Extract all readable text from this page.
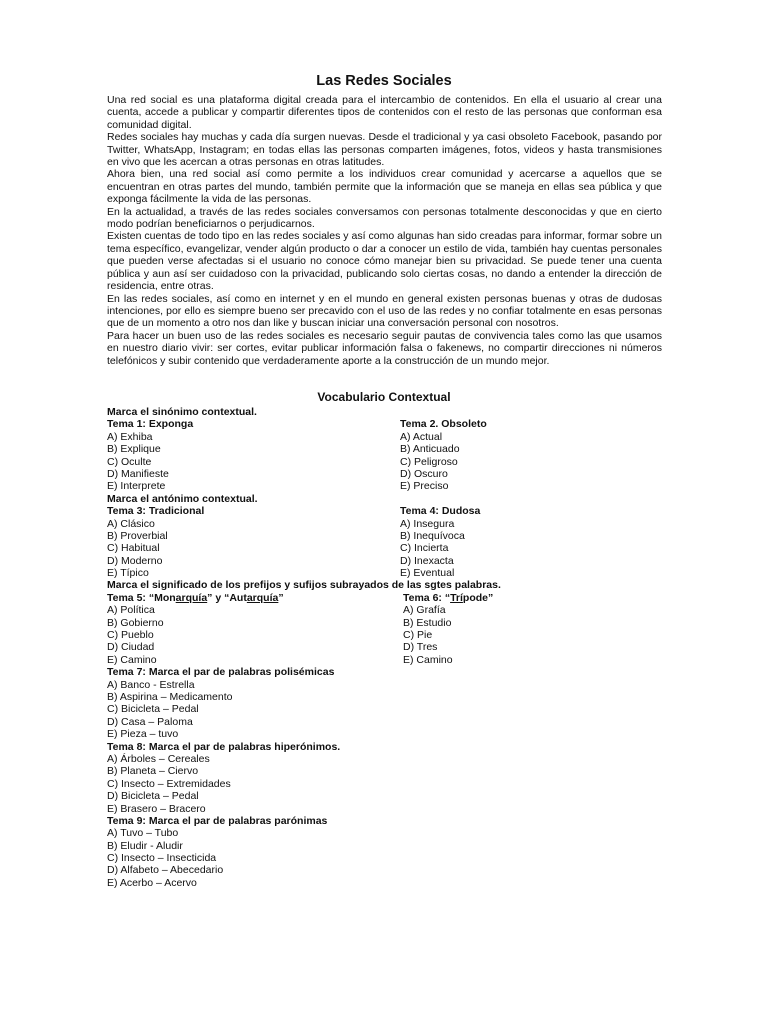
Las Redes Sociales

Una red social es una plataforma digital creada para el intercambio de contenidos. En ella el usuario al crear una cuenta, accede a publicar y compartir diferentes tipos de contenidos con el resto de las personas que conforman esa comunidad digital.

Redes sociales hay muchas y cada día surgen nuevas. Desde el tradicional y ya casi obsoleto Facebook, pasando por Twitter, WhatsApp, Instagram; en todas ellas las personas comparten imágenes, fotos, videos y hasta transmisiones en vivo que les acercan a otras personas en otras latitudes.

Ahora bien, una red social así como permite a los individuos crear comunidad y acercarse a aquellos que se encuentran en otras partes del mundo, también permite que la información que se maneja en ellas sea pública y que exponga fácilmente la vida de las personas.

En la actualidad, a través de las redes sociales conversamos con personas totalmente desconocidas y que en cierto modo podrían beneficiarnos o perjudicarnos.

Existen cuentas de todo tipo en las redes sociales y así como algunas han sido creadas para informar, formar sobre un tema específico, evangelizar, vender algún producto o dar a conocer un estilo de vida, también hay cuentas personales que pueden verse afectadas si el usuario no conoce cómo manejar bien su privacidad. Se puede tener una cuenta pública y aun así ser cuidadoso con la privacidad, publicando solo ciertas cosas, no dando a entender la dirección de residencia, entre otras.

En las redes sociales, así como en internet y en el mundo en general existen personas buenas y otras de dudosas intenciones, por ello es siempre bueno ser precavido con el uso de las redes y no confiar totalmente en esas personas que de un momento a otro nos dan like y buscan iniciar una conversación personal con nosotros.

Para hacer un buen uso de las redes sociales es necesario seguir pautas de convivencia tales como las que usamos en nuestro diario vivir: ser cortes, evitar publicar información falsa o fakenews, no compartir direcciones ni números telefónicos y subir contenido que verdaderamente aporte a la construcción de un mundo mejor.

Vocabulario Contextual
Marca el sinónimo contextual.
Tema 1: Exponga	Tema 2. Obsoleto
A) Exhiba	A) Actual
B) Explique	B) Anticuado
C) Oculte	C) Peligroso
D) Manifieste	D) Oscuro
E) Interprete	E) Preciso
Marca el antónimo contextual.
Tema 3: Tradicional	Tema 4: Dudosa
A) Clásico	A) Insegura
B) Proverbial	B) Inequívoca
C) Habitual	C) Incierta
D) Moderno	D) Inexacta
E) Típico	E) Eventual
Marca el significado de los prefijos y sufijos subrayados de las sgtes palabras.
Tema 5: “Monarquía” y “Autarquía”	Tema 6: “Trípode”
A) Política	A) Grafía
B) Gobierno	B) Estudio
C) Pueblo	C) Pie
D) Ciudad	D) Tres
E) Camino	E) Camino
Tema 7: Marca el par de palabras polisémicas
A) Banco - Estrella
B) Aspirina – Medicamento
C) Bicicleta – Pedal
D) Casa – Paloma
E) Pieza – tuvo
Tema 8: Marca el par de palabras hiperónimos.
A) Árboles – Cereales
B) Planeta – Ciervo
C) Insecto – Extremidades
D) Bicicleta – Pedal
E) Brasero – Bracero
Tema 9: Marca el par de palabras parónimas
A) Tuvo – Tubo
B) Eludir - Aludir
C) Insecto – Insecticida
D) Alfabeto – Abecedario
E) Acerbo – Acervo
